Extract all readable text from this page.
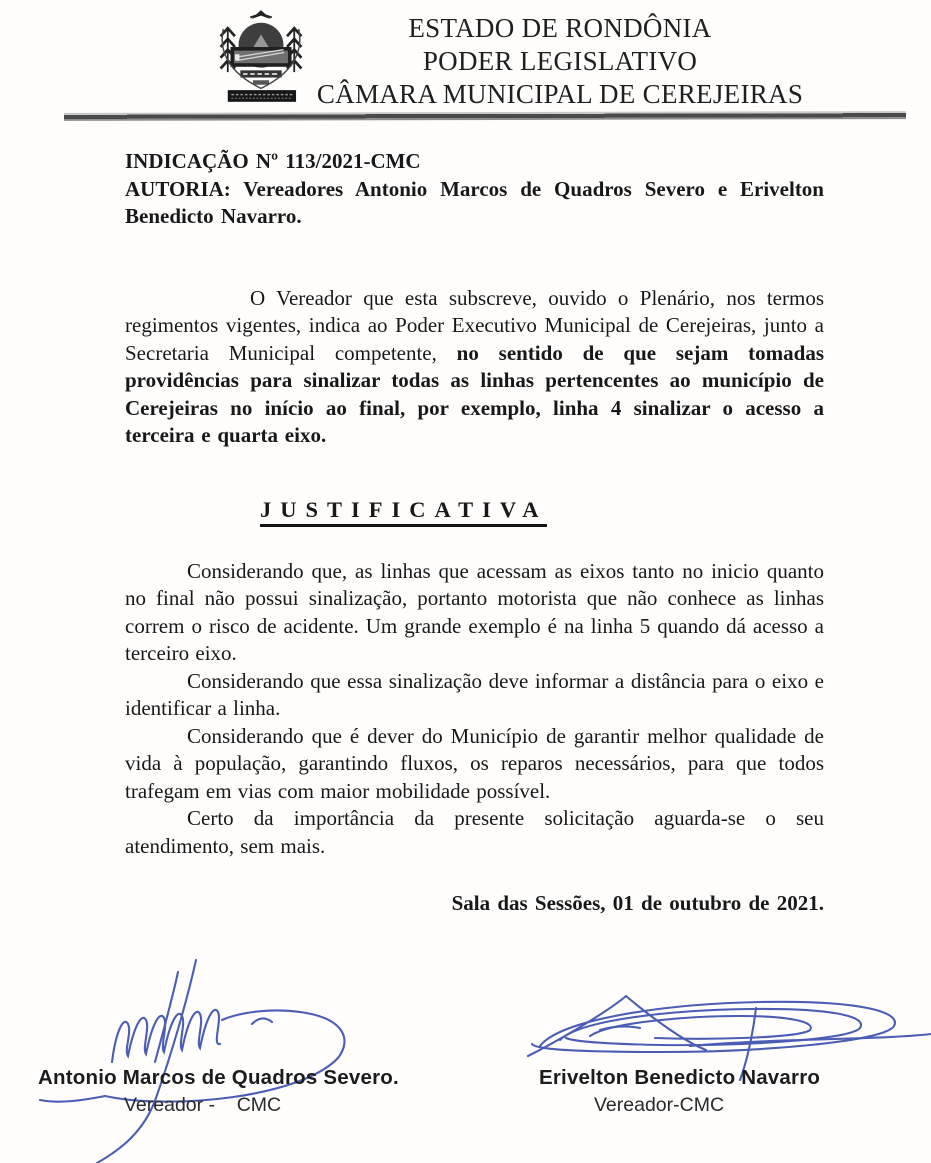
ESTADO DE RONDÔNIA
PODER LEGISLATIVO
CÂMARA MUNICIPAL DE CEREJEIRAS

INDICAÇÃO Nº 113/2021-CMC

AUTORIA: Vereadores Antonio Marcos de Quadros Severo e Erivelton Benedicto Navarro.

O Vereador que esta subscreve, ouvido o Plenário, nos termos regimentos vigentes, indica ao Poder Executivo Municipal de Cerejeiras, junto a Secretaria Municipal competente, no sentido de que sejam tomadas providências para sinalizar todas as linhas pertencentes ao município de Cerejeiras no início ao final, por exemplo, linha 4 sinalizar o acesso a terceira e quarta eixo.

JUSTIFICATIVA

Considerando que, as linhas que acessam as eixos tanto no inicio quanto no final não possui sinalização, portanto motorista que não conhece as linhas correm o risco de acidente. Um grande exemplo é na linha 5 quando dá acesso a terceiro eixo.

Considerando que essa sinalização deve informar a distância para o eixo e identificar a linha.

Considerando que é dever do Município de garantir melhor qualidade de vida à população, garantindo fluxos, os reparos necessários, para que todos trafegam em vias com maior mobilidade possível.

Certo da importância da presente solicitação aguarda-se o seu atendimento, sem mais.

Sala das Sessões, 01 de outubro de 2021.

Antonio Marcos de Quadros Severo.
Vereador -    CMC
Erivelton Benedicto Navarro
Vereador-CMC
